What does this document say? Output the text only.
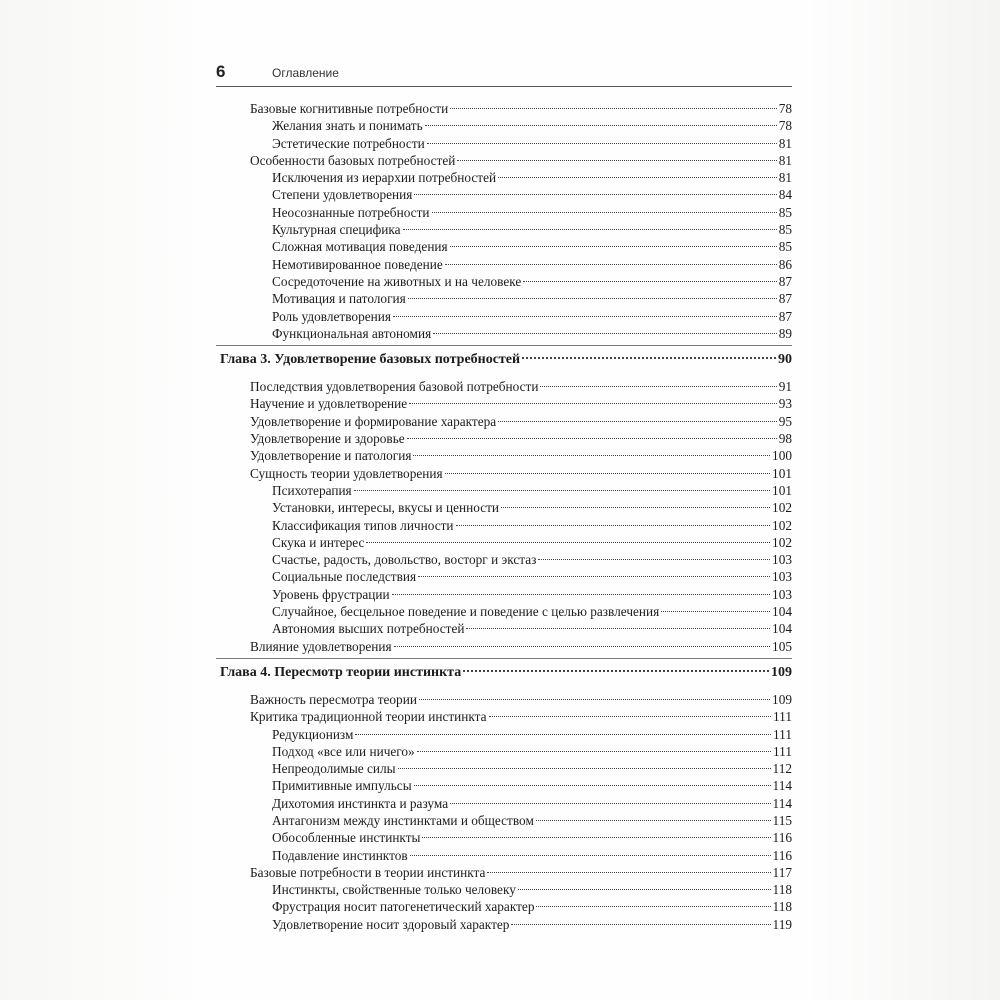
6	Оглавление
Базовые когнитивные потребности	78
Желания знать и понимать	78
Эстетические потребности	81
Особенности базовых потребностей	81
Исключения из иерархии потребностей	81
Степени удовлетворения	84
Неосознанные потребности	85
Культурная специфика	85
Сложная мотивация поведения	85
Немотивированное поведение	86
Сосредоточение на животных и на человеке	87
Мотивация и патология	87
Роль удовлетворения	87
Функциональная автономия	89
Глава 3. Удовлетворение базовых потребностей	90
Последствия удовлетворения базовой потребности	91
Научение и удовлетворение	93
Удовлетворение и формирование характера	95
Удовлетворение и здоровье	98
Удовлетворение и патология	100
Сущность теории удовлетворения	101
Психотерапия	101
Установки, интересы, вкусы и ценности	102
Классификация типов личности	102
Скука и интерес	102
Счастье, радость, довольство, восторг и экстаз	103
Социальные последствия	103
Уровень фрустрации	103
Случайное, бесцельное поведение и поведение с целью развлечения	104
Автономия высших потребностей	104
Влияние удовлетворения	105
Глава 4. Пересмотр теории инстинкта	109
Важность пересмотра теории	109
Критика традиционной теории инстинкта	111
Редукционизм	111
Подход «все или ничего»	111
Непреодолимые силы	112
Примитивные импульсы	114
Дихотомия инстинкта и разума	114
Антагонизм между инстинктами и обществом	115
Обособленные инстинкты	116
Подавление инстинктов	116
Базовые потребности в теории инстинкта	117
Инстинкты, свойственные только человеку	118
Фрустрация носит патогенетический характер	118
Удовлетворение носит здоровый характер	119
